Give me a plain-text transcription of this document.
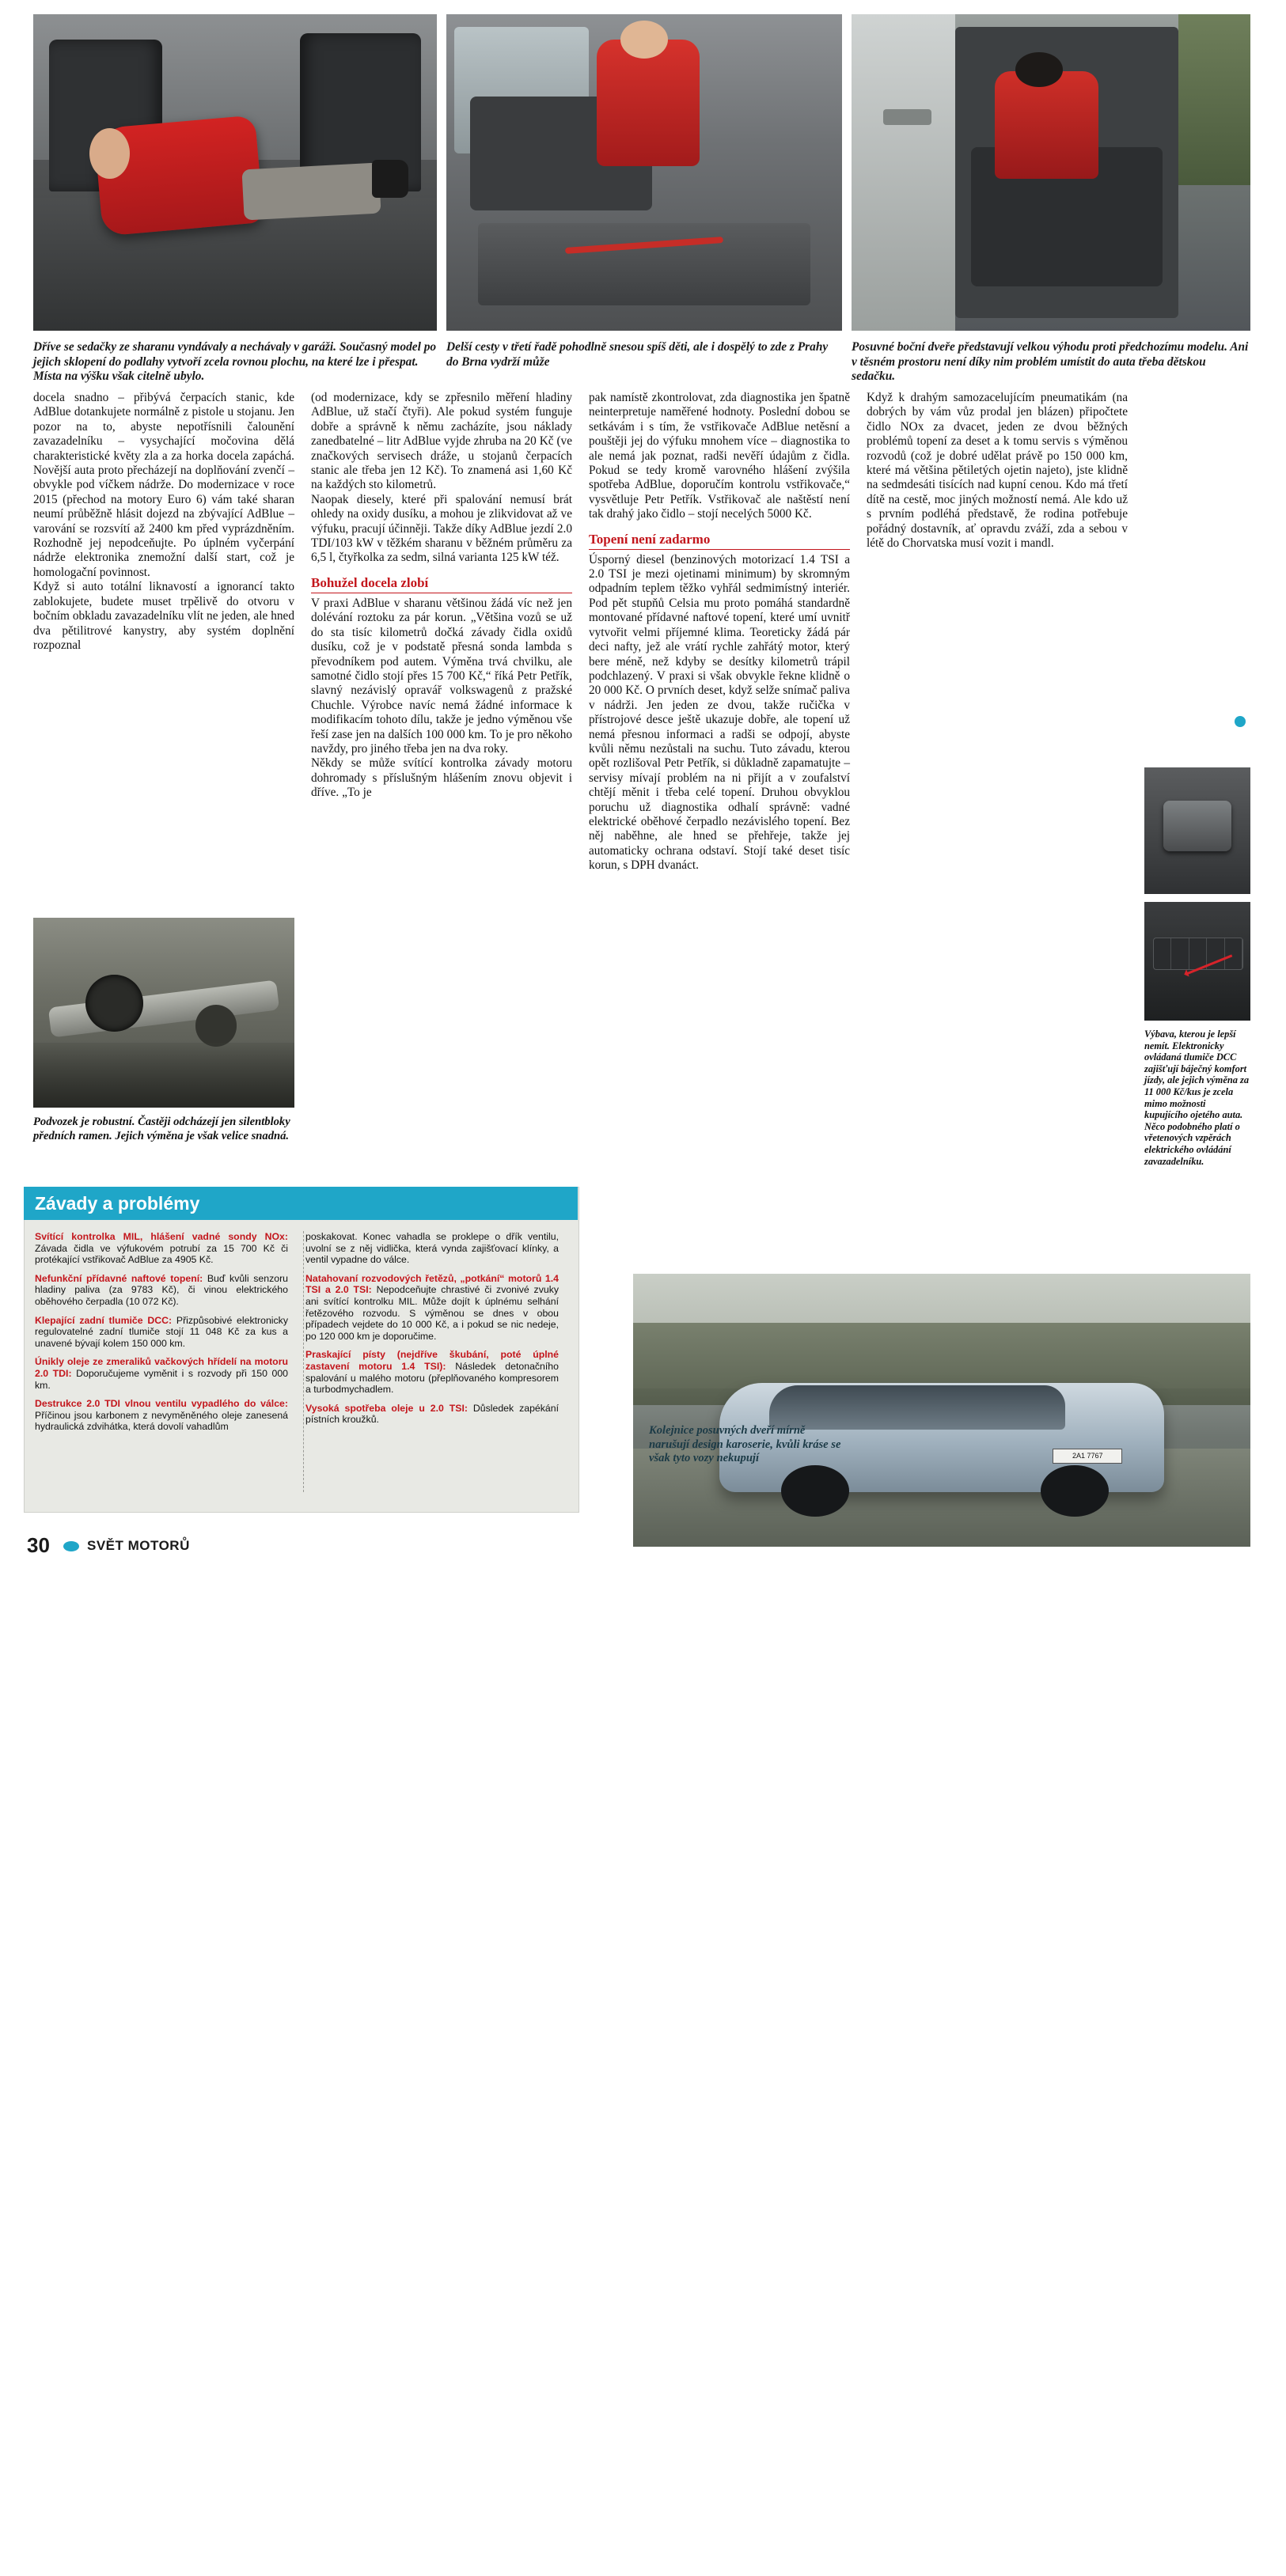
Dříve se sedačky ze sharanu vyndávaly a nechávaly v garáži. Současný model po jejich sklopení do podlahy vytvoří zcela rovnou plochu, na které lze i přespat. Místa na výšku však citelně ubylo.
Delší cesty v třetí řadě pohodlně snesou spíš děti, ale i dospělý to zde z Prahy do Brna vydrží může
Posuvné boční dveře představují velkou výhodu proti předchozímu modelu. Ani v těsném prostoru není díky nim problém umístit do auta třeba dětskou sedačku.

docela snadno – přibývá čerpacích stanic, kde AdBlue dotankujete normálně z pistole u stojanu. Jen pozor na to, abyste nepotřísnili čalounění zavazadelníku – vysychající močovina dělá charakteristické květy zla a za horka docela zapáchá. Novější auta proto přecházejí na doplňování zvenčí – obvykle pod víčkem nádrže. Do modernizace v roce 2015 (přechod na motory Euro 6) vám také sharan neumí průběžně hlásit dojezd na zbývající AdBlue – varování se rozsvítí až 2400 km před vyprázdněním. Rozhodně jej nepodceňujte. Po úplném vyčerpání nádrže elektronika znemožní další start, což je homologační povinnost.

Když si auto totální liknavostí a ignorancí takto zablokujete, budete muset trpělivě do otvoru v bočním obkladu zavazadelníku vlít ne jeden, ale hned dva pětilitrové kanystry, aby systém doplnění rozpoznal

(od modernizace, kdy se zpřesnilo měření hladiny AdBlue, už stačí čtyři). Ale pokud systém funguje dobře a správně k němu zacházíte, jsou náklady zanedbatelné – litr AdBlue vyjde zhruba na 20 Kč (ve značkových servisech dráže, u stojanů čerpacích stanic ale třeba jen 12 Kč). To znamená asi 1,60 Kč na každých sto kilometrů.

Naopak diesely, které při spalování nemusí brát ohledy na oxidy dusíku, a mohou je zlikvidovat až ve výfuku, pracují účinněji. Takže díky AdBlue jezdí 2.0 TDI/103 kW v těžkém sharanu v běžném průměru za 6,5 l, čtyřkolka za sedm, silná varianta 125 kW též.

Bohužel docela zlobí

V praxi AdBlue v sharanu většinou žádá víc než jen dolévání roztoku za pár korun. „Většina vozů se už do sta tisíc kilometrů dočká závady čidla oxidů dusíku, což je v podstatě přesná sonda lambda s převodníkem pod autem. Výměna trvá chvilku, ale samotné čidlo stojí přes 15 700 Kč,“ říká Petr Petřík, slavný nezávislý opravář volkswagenů z pražské Chuchle. Výrobce navíc nemá žádné informace k modifikacím tohoto dílu, takže je jedno výměnou vše řeší zase jen na dalších 100 000 km. To je pro někoho navždy, pro jiného třeba jen na dva roky.

Někdy se může svítící kontrolka závady motoru dohromady s příslušným hlášením znovu objevit i dříve. „To je

pak namístě zkontrolovat, zda diagnostika jen špatně neinterpretuje naměřené hodnoty. Poslední dobou se setkávám i s tím, že vstřikovače AdBlue netěsní a pouštěji jej do výfuku mnohem více – diagnostika to ale nemá jak poznat, radši nevěří údajům z čidla. Pokud se tedy kromě varovného hlášení zvýšila spotřeba AdBlue, doporučím kontrolu vstřikovače,“ vysvětluje Petr Petřík. Vstřikovač ale naštěstí není tak drahý jako čidlo – stojí necelých 5000 Kč.

Topení není zadarmo

Úsporný diesel (benzinových motorizací 1.4 TSI a 2.0 TSI je mezi ojetinami minimum) by skromným odpadním teplem těžko vyhřál sedmimístný interiér. Pod pět stupňů Celsia mu proto pomáhá standardně montované přídavné naftové topení, které umí uvnitř vytvořit velmi příjemné klima. Teoreticky žádá pár deci nafty, jež ale vrátí rychle zahřátý motor, který bere méně, než kdyby se desítky kilometrů trápil podchlazený. V praxi si však obvykle řekne klidně o 20 000 Kč. O prvních deset, když selže snímač paliva v nádrži. Jen jeden ze dvou, takže ručička v přístrojové desce ještě ukazuje dobře, ale topení už nemá přesnou informaci a radši se odpojí, abyste kvůli němu nezůstali na suchu. Tuto závadu, kterou opět rozlišoval Petr Petřík, si důkladně zapamatujte – servisy mívají problém na ni přijít a v zoufalství chtějí měnit i třeba celé topení. Druhou obvyklou poruchu už diagnostika odhalí správně: vadné elektrické oběhové čerpadlo nezávislého topení. Bez něj naběhne, ale hned se přehřeje, takže jej automaticky ochrana odstaví. Stojí také deset tisíc korun, s DPH dvanáct.

Když k drahým samozacelujícím pneumatikám (na dobrých by vám vůz prodal jen blázen) připočtete čidlo NOx za dvacet, jeden ze dvou běžných problémů topení za deset a k tomu servis s výměnou rozvodů (což je dobré udělat právě po 150 000 km, které má většina pětiletých ojetin najeto), jste klidně na sedmdesáti tisících nad kupní cenou. Kdo má třetí dítě na cestě, moc jiných možností nemá. Ale kdo už s prvním podléhá představě, že rodina potřebuje pořádný dostavník, ať opravdu zváží, zda a sebou v létě do Chorvatska musí vozit i mandl.

Podvozek je robustní. Častěji odcházejí jen silentbloky předních ramen. Jejich výměna je však velice snadná.
Závady a problémy

Svítící kontrolka MIL, hlášení vadné sondy NOx: Závada čidla ve výfukovém potrubí za 15 700 Kč či protékající vstřikovač AdBlue za 4905 Kč.

Nefunkční přídavné naftové topení: Buď kvůli senzoru hladiny paliva (za 9783 Kč), či vinou elektrického oběhového čerpadla (10 072 Kč).

Klepající zadní tlumiče DCC: Přizpůsobivé elektronicky regulovatelné zadní tlumiče stojí 11 048 Kč za kus a unavené bývají kolem 150 000 km.

Únikly oleje ze zmeraliků vačkových hřídelí na motoru 2.0 TDI: Doporučujeme vyměnit i s rozvody při 150 000 km.

Destrukce 2.0 TDI vlnou ventilu vypadlého do válce: Příčinou jsou karbonem z nevyměněného oleje zanesená hydraulická zdvihátka, která dovolí vahadlům

poskakovat. Konec vahadla se proklepe o dřík ventilu, uvolní se z něj vidlička, která vynda zajišťovací klínky, a ventil vypadne do válce.

Natahovaní rozvodových řetězů, „potkání“ motorů 1.4 TSI a 2.0 TSI: Nepodceňujte chrastivé či zvonivé zvuky ani svítící kontrolku MIL. Může dojít k úplnému selhání řetězového rozvodu. S výměnou se dnes v obou případech vejdete do 10 000 Kč, a i pokud se nic nedeje, po 120 000 km je doporučime.

Praskající písty (nejdříve škubání, poté úplné zastavení motoru 1.4 TSI): Následek detonačního spalování u malého motoru (přeplňovaného kompresorem a turbodmychadlem.

Vysoká spotřeba oleje u 2.0 TSI: Důsledek zapékání pístních kroužků.

30	SVĚT MOTORŮ
2A1 7767
Kolejnice posuvných dveří mírně narušují design karoserie, kvůli kráse se však tyto vozy nekupují
Výbava, kterou je lepší nemít. Elektronicky ovládaná tlumiče DCC zajišťují báječný komfort jízdy, ale jejich výměna za 11 000 Kč/kus je zcela mimo možnosti kupujícího ojetého auta. Něco podobného platí o vřetenových vzpěrách elektrického ovládání zavazadelníku.
